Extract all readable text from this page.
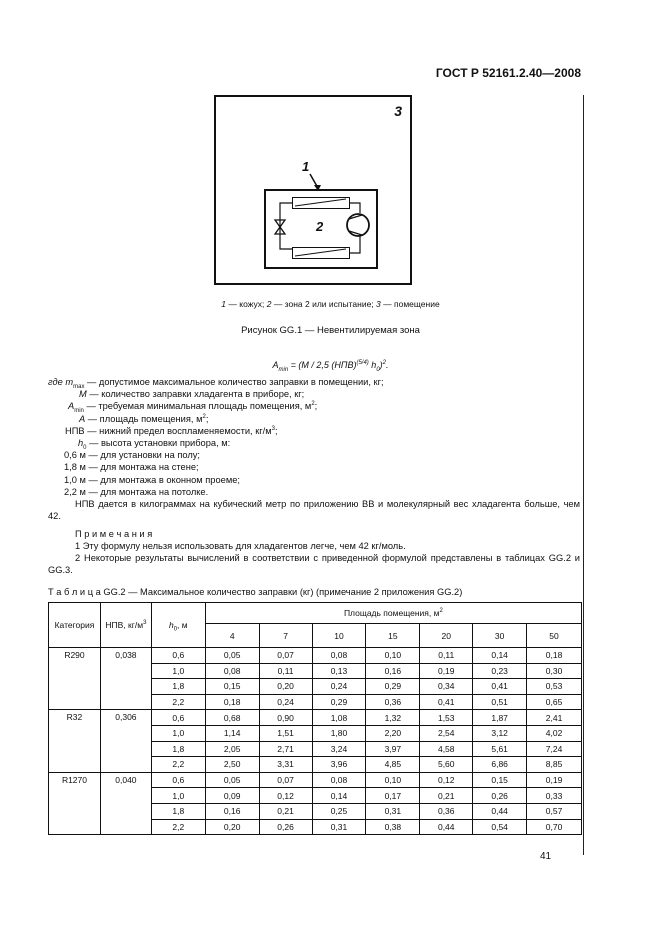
ГОСТ Р 52161.2.40—2008
3
1
2
1 — кожух; 2 — зона 2 или испытание; 3 — помещение
Рисунок GG.1 — Невентилируемая зона
$A_{min} = (M / 2,5$ (НПВ)$^{(5/4)}$ $h_0)^2$.
где $m_{max}$ — допустимое максимальное количество заправки в помещении, кг;
M — количество заправки хладагента в приборе, кг;
$A_{min}$ — требуемая минимальная площадь помещения, $м^2$;
A — площадь помещения, $м^2$;
НПВ — нижний предел воспламеняемости, $кг/м^3$;
$h_0$ — высота установки прибора, м:
0,6 м — для установки на полу;
1,8 м — для монтажа на стене;
1,0 м — для монтажа в оконном проеме;
2,2 м — для монтажа на потолке.
НПВ дается в килограммах на кубический метр по приложению ВВ и молекулярный вес хладагента больше, чем 42.
П р и м е ч а н и я
1 Эту формулу нельзя использовать для хладагентов легче, чем 42 кг/моль.
2 Некоторые результаты вычислений в соответствии с приведенной формулой представлены в таблицах GG.2 и GG.3.
Т а б л и ц а GG.2 — Максимальное количество заправки (кг) (примечание 2 приложения GG.2)
Категория	НПВ, $кг/м^3$	$h_0$, м	Площадь помещения, $м^2$
			4	7	10	15	20	30	50
R290	0,038	0,6	0,05	0,07	0,08	0,10	0,11	0,14	0,18
		1,0	0,08	0,11	0,13	0,16	0,19	0,23	0,30
		1,8	0,15	0,20	0,24	0,29	0,34	0,41	0,53
		2,2	0,18	0,24	0,29	0,36	0,41	0,51	0,65
R32	0,306	0,6	0,68	0,90	1,08	1,32	1,53	1,87	2,41
		1,0	1,14	1,51	1,80	2,20	2,54	3,12	4,02
		1,8	2,05	2,71	3,24	3,97	4,58	5,61	7,24
		2,2	2,50	3,31	3,96	4,85	5,60	6,86	8,85
R1270	0,040	0,6	0,05	0,07	0,08	0,10	0,12	0,15	0,19
		1,0	0,09	0,12	0,14	0,17	0,21	0,26	0,33
		1,8	0,16	0,21	0,25	0,31	0,36	0,44	0,57
		2,2	0,20	0,26	0,31	0,38	0,44	0,54	0,70
41
